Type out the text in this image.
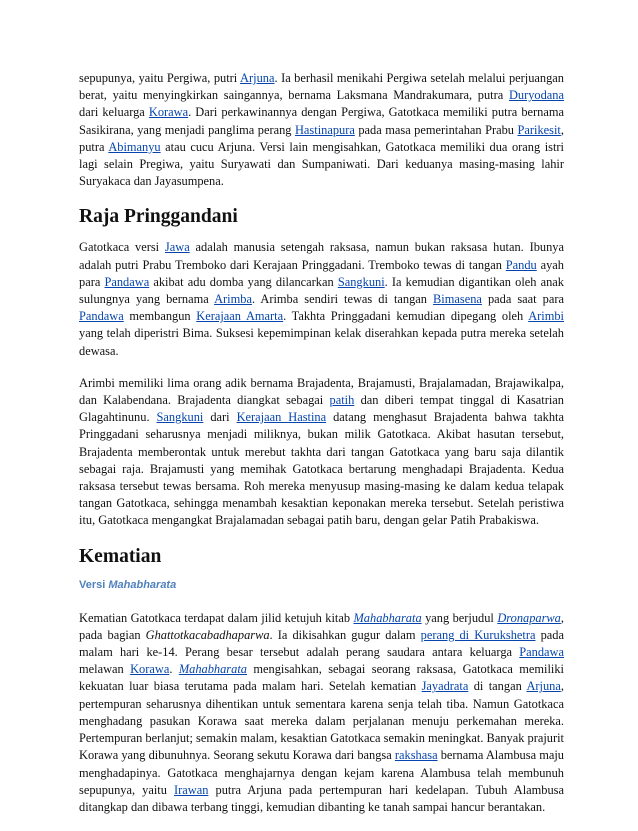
sepupunya, yaitu Pergiwa, putri Arjuna. Ia berhasil menikahi Pergiwa setelah melalui perjuangan berat, yaitu menyingkirkan saingannya, bernama Laksmana Mandrakumara, putra Duryodana dari keluarga Korawa. Dari perkawinannya dengan Pergiwa, Gatotkaca memiliki putra bernama Sasikirana, yang menjadi panglima perang Hastinapura pada masa pemerintahan Prabu Parikesit, putra Abimanyu atau cucu Arjuna. Versi lain mengisahkan, Gatotkaca memiliki dua orang istri lagi selain Pregiwa, yaitu Suryawati dan Sumpaniwati. Dari keduanya masing-masing lahir Suryakaca dan Jayasumpena.

Raja Pringgandani

Gatotkaca versi Jawa adalah manusia setengah raksasa, namun bukan raksasa hutan. Ibunya adalah putri Prabu Tremboko dari Kerajaan Pringgadani. Tremboko tewas di tangan Pandu ayah para Pandawa akibat adu domba yang dilancarkan Sangkuni. Ia kemudian digantikan oleh anak sulungnya yang bernama Arimba. Arimba sendiri tewas di tangan Bimasena pada saat para Pandawa membangun Kerajaan Amarta. Takhta Pringgadani kemudian dipegang oleh Arimbi yang telah diperistri Bima. Suksesi kepemimpinan kelak diserahkan kepada putra mereka setelah dewasa.

Arimbi memiliki lima orang adik bernama Brajadenta, Brajamusti, Brajalamadan, Brajawikalpa, dan Kalabendana. Brajadenta diangkat sebagai patih dan diberi tempat tinggal di Kasatrian Glagahtinunu. Sangkuni dari Kerajaan Hastina datang menghasut Brajadenta bahwa takhta Pringgadani seharusnya menjadi miliknya, bukan milik Gatotkaca. Akibat hasutan tersebut, Brajadenta memberontak untuk merebut takhta dari tangan Gatotkaca yang baru saja dilantik sebagai raja. Brajamusti yang memihak Gatotkaca bertarung menghadapi Brajadenta. Kedua raksasa tersebut tewas bersama. Roh mereka menyusup masing-masing ke dalam kedua telapak tangan Gatotkaca, sehingga menambah kesaktian keponakan mereka tersebut. Setelah peristiwa itu, Gatotkaca mengangkat Brajalamadan sebagai patih baru, dengan gelar Patih Prabakiswa.

Kematian
Versi Mahabharata

Kematian Gatotkaca terdapat dalam jilid ketujuh kitab Mahabharata yang berjudul Dronaparwa, pada bagian Ghattotkacabadhaparwa. Ia dikisahkan gugur dalam perang di Kurukshetra pada malam hari ke-14. Perang besar tersebut adalah perang saudara antara keluarga Pandawa melawan Korawa. Mahabharata mengisahkan, sebagai seorang raksasa, Gatotkaca memiliki kekuatan luar biasa terutama pada malam hari. Setelah kematian Jayadrata di tangan Arjuna, pertempuran seharusnya dihentikan untuk sementara karena senja telah tiba. Namun Gatotkaca menghadang pasukan Korawa saat mereka dalam perjalanan menuju perkemahan mereka. Pertempuran berlanjut; semakin malam, kesaktian Gatotkaca semakin meningkat. Banyak prajurit Korawa yang dibunuhnya. Seorang sekutu Korawa dari bangsa rakshasa bernama Alambusa maju menghadapinya. Gatotkaca menghajarnya dengan kejam karena Alambusa telah membunuh sepupunya, yaitu Irawan putra Arjuna pada pertempuran hari kedelapan. Tubuh Alambusa ditangkap dan dibawa terbang tinggi, kemudian dibanting ke tanah sampai hancur berantakan.
